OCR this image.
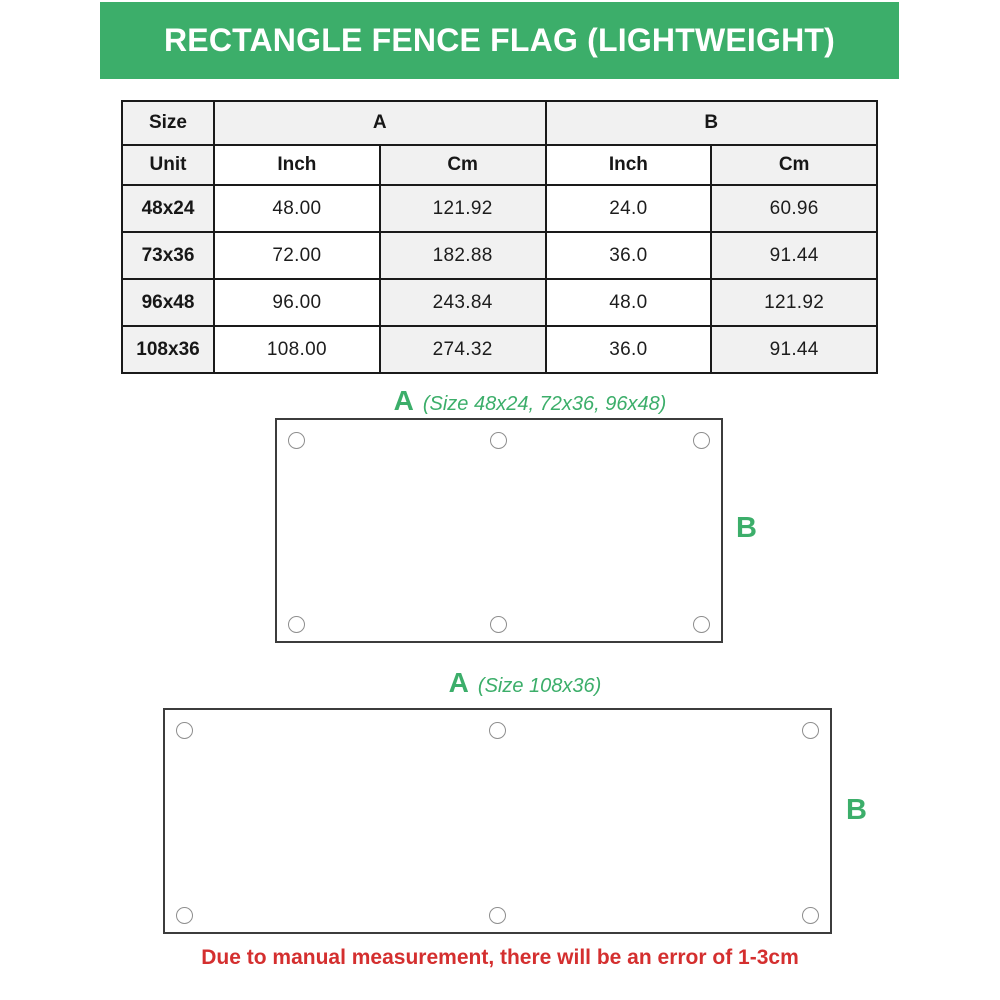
RECTANGLE FENCE FLAG (LIGHTWEIGHT)
Size	A		B	
Unit	Inch	Cm	Inch	Cm
48x24	48.00	121.92	24.0	60.96
73x36	72.00	182.88	36.0	91.44
96x48	96.00	243.84	48.0	121.92
108x36	108.00	274.32	36.0	91.44
A (Size 48x24, 72x36, 96x48)
B
A (Size 108x36)
B
Due to manual measurement, there will be an error of 1-3cm
